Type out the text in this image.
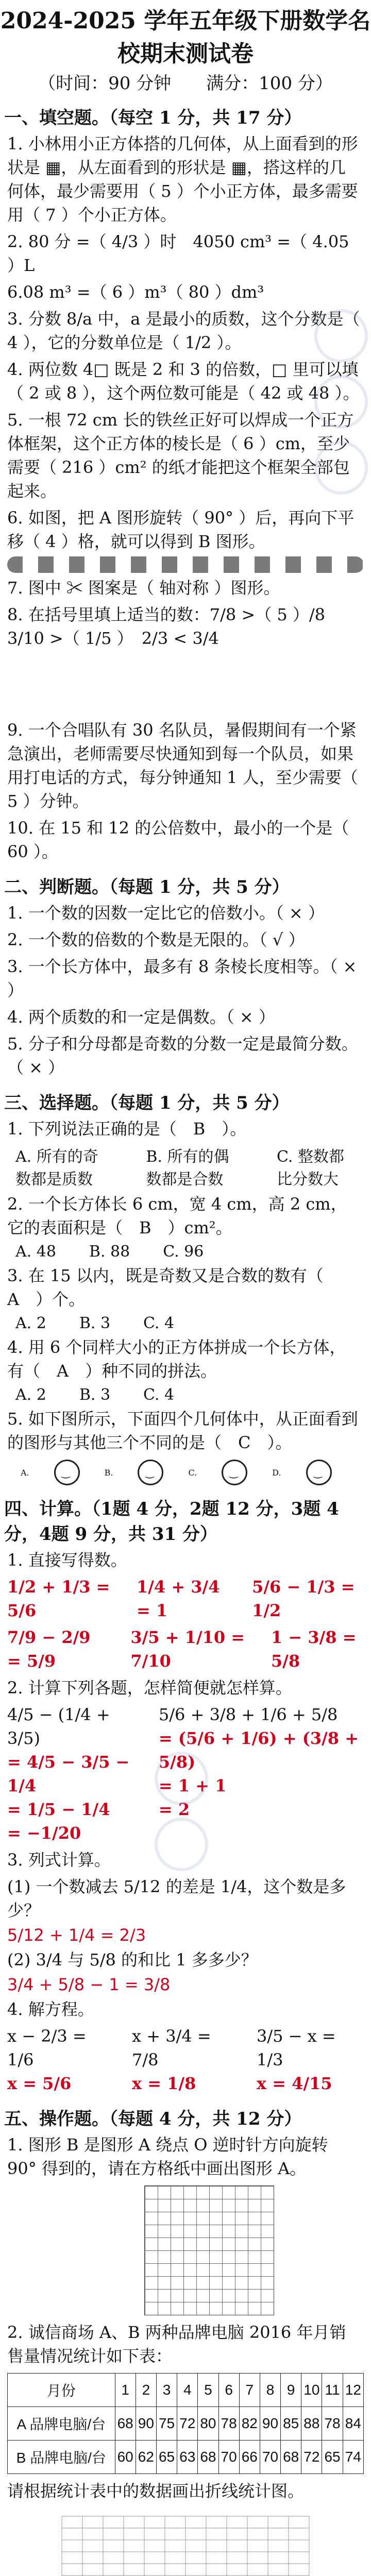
2024-2025 学年五年级下册数学名校期末测试卷
（时间：90 分钟　　满分：100 分）
一、填空题。（每空 1 分，共 17 分）
1. 小林用小正方体搭的几何体，从上面看到的形状是 ▦，从左面看到的形状是 ▦，搭这样的几何体，最少需要用（ 5 ）个小正方体，最多需要用（ 7 ）个小正方体。
2. 80 分 =（ 4/3 ）时　4050 cm³ =（ 4.05 ）L
6.08 m³ =（ 6 ）m³（ 80 ）dm³
3. 分数 8/a 中，a 是最小的质数，这个分数是（ 4 ），它的分数单位是（ 1/2 ）。
4. 两位数 4□ 既是 2 和 3 的倍数，□ 里可以填（ 2 或 8 ），这个两位数可能是（ 42 或 48 ）。
5. 一根 72 cm 长的铁丝正好可以焊成一个正方体框架，这个正方体的棱长是（ 6 ）cm，至少需要（ 216 ）cm² 的纸才能把这个框架全部包起来。
6. 如图，把 A 图形旋转（ 90° ）后，再向下平移（ 4 ）格，就可以得到 B 图形。
7. 图中 ✂ 图案是（ 轴对称 ）图形。
8. 在括号里填上适当的数：7/8 >（ 5 ）/8　3/10 >（ 1/5 ）　2/3 < 3/4
9. 一个合唱队有 30 名队员，暑假期间有一个紧急演出，老师需要尽快通知到每一个队员，如果用打电话的方式，每分钟通知 1 人，至少需要（ 5 ）分钟。
10. 在 15 和 12 的公倍数中，最小的一个是（ 60 ）。
二、判断题。（每题 1 分，共 5 分）
1. 一个数的因数一定比它的倍数小。（ × ）
2. 一个数的倍数的个数是无限的。（ √ ）
3. 一个长方体中，最多有 8 条棱长度相等。（ × ）
4. 两个质数的和一定是偶数。（ × ）
5. 分子和分母都是奇数的分数一定是最简分数。（ × ）
三、选择题。（每题 1 分，共 5 分）
1. 下列说法正确的是（　B　）。
A. 所有的奇数都是质数
B. 所有的偶数都是合数
C. 整数都比分数大
2. 一个长方体长 6 cm，宽 4 cm，高 2 cm，它的表面积是（　B　）cm²。
A. 48 B. 88 C. 96
3. 在 15 以内，既是奇数又是合数的数有（　A　）个。
A. 2 B. 3 C. 4
4. 用 6 个同样大小的正方体拼成一个长方体，有（　A　）种不同的拼法。
A. 2 B. 3 C. 4
5. 如下图所示，下面四个几何体中，从正面看到的图形与其他三个不同的是（　C　）。
A. ‿	B. ‿	C. ‿	D.
‿
四、计算。（1题 4 分，2题 12 分，3题 4 分，4题 9 分，共 31 分）
1. 直接写得数。
1/2 + 1/3 = 5/6
1/4 + 3/4 = 1
5/6 − 1/3 = 1/2
7/9 − 2/9 = 5/9
3/5 + 1/10 = 7/10
1 − 3/8 = 5/8
2. 计算下列各题，怎样简便就怎样算。
4/5 − (1/4 + 3/5)
= 4/5 − 3/5 − 1/4
= 1/5 − 1/4
= −1/20
5/6 + 3/8 + 1/6 + 5/8
= (5/6 + 1/6) + (3/8 + 5/8)
= 1 + 1
= 2
3. 列式计算。
(1) 一个数减去 5/12 的差是 1/4，这个数是多少？
5/12 + 1/4 = 2/3
(2) 3/4 与 5/8 的和比 1 多多少？
3/4 + 5/8 − 1 = 3/8
4. 解方程。
x − 2/3 = 1/6
x = 5/6
x + 3/4 = 7/8
x = 1/8
3/5 − x = 1/3
x = 4/15
五、操作题。（每题 4 分，共 12 分）
1. 图形 B 是图形 A 绕点 O 逆时针方向旋转 90° 得到的，请在方格纸中画出图形 A。
2. 诚信商场 A、B 两种品牌电脑 2016 年月销售量情况统计如下表：
月份	1	2	3	4	5	6	7	8	9	10	11	12
A 品牌电脑/台	68	90	75	72	80	78	82	90	85	88	78	84
B 品牌电脑/台	60	62	65	63	68	70	66	70	68	72	65	74
请根据统计表中的数据画出折线统计图。
